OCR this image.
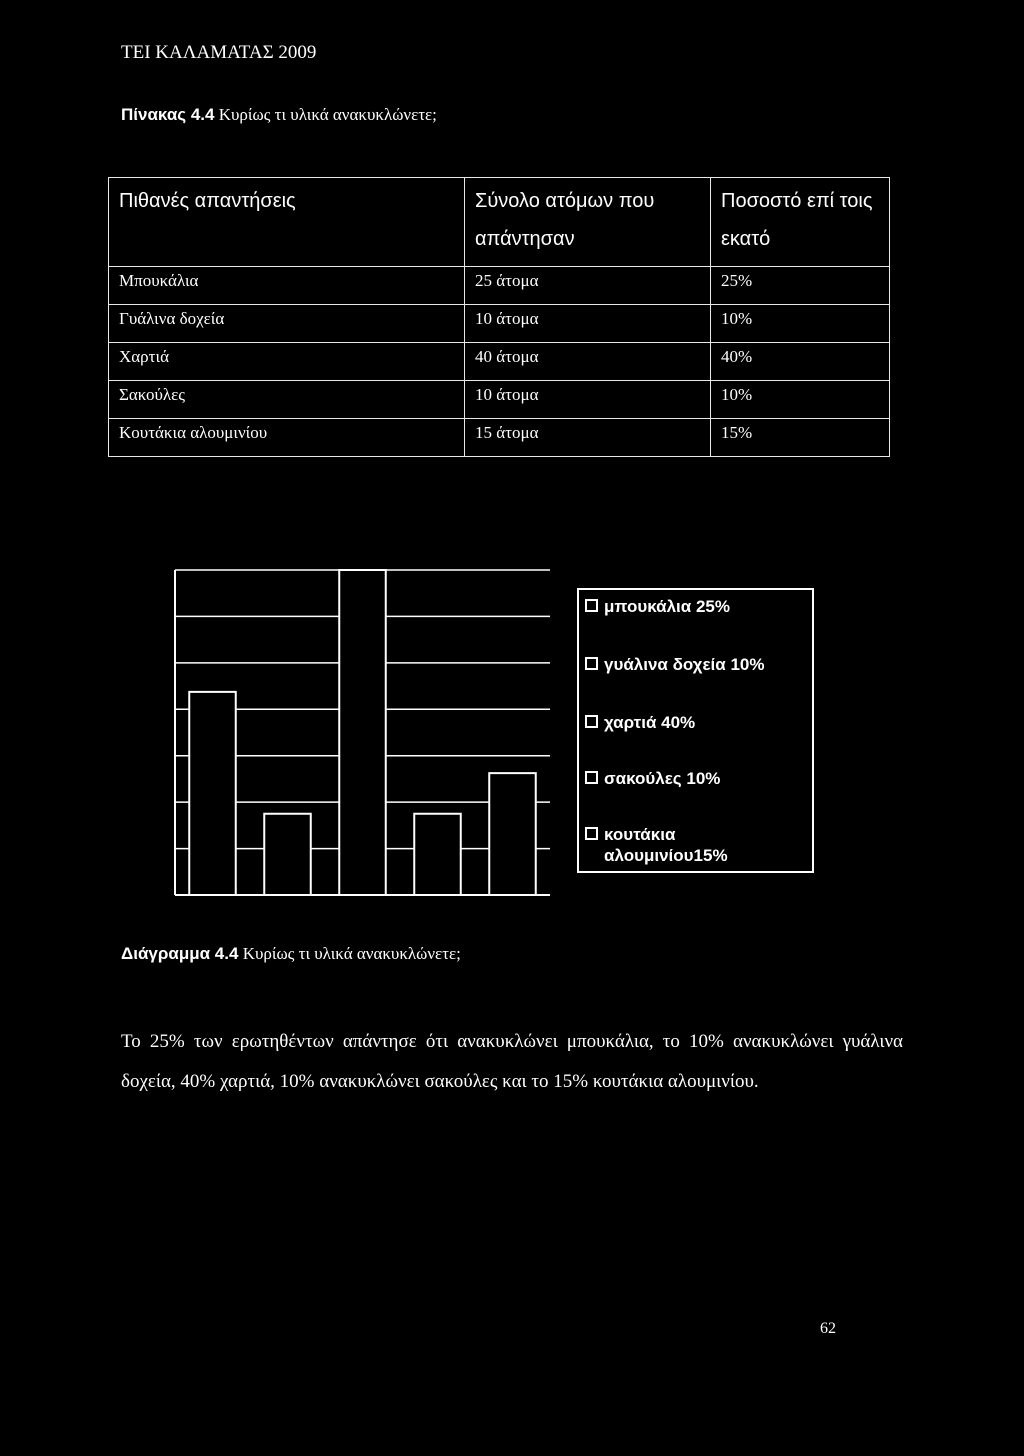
ΤΕΙ ΚΑΛΑΜΑΤΑΣ 2009
Πίνακας 4.4 Κυρίως τι υλικά ανακυκλώνετε;
Πιθανές απαντήσεις	Σύνολο ατόμων που απάντησαν	Ποσοστό επί τοις εκατό
Μπουκάλια	25 άτομα	25%
Γυάλινα δοχεία	10 άτομα	10%
Χαρτιά	40 άτομα	40%
Σακούλες	10 άτομα	10%
Κουτάκια αλουμινίου	15 άτομα	15%
μπουκάλια 25%
γυάλινα δοχεία 10%
χαρτιά 40%
σακούλες 10%
κουτάκια αλουμινίου15%
Διάγραμμα 4.4 Κυρίως τι υλικά ανακυκλώνετε;
Το 25% των ερωτηθέντων απάντησε ότι ανακυκλώνει μπουκάλια, το 10% ανακυκλώνει γυάλινα δοχεία, 40% χαρτιά, 10% ανακυκλώνει σακούλες και το 15% κουτάκια αλουμινίου.
62
